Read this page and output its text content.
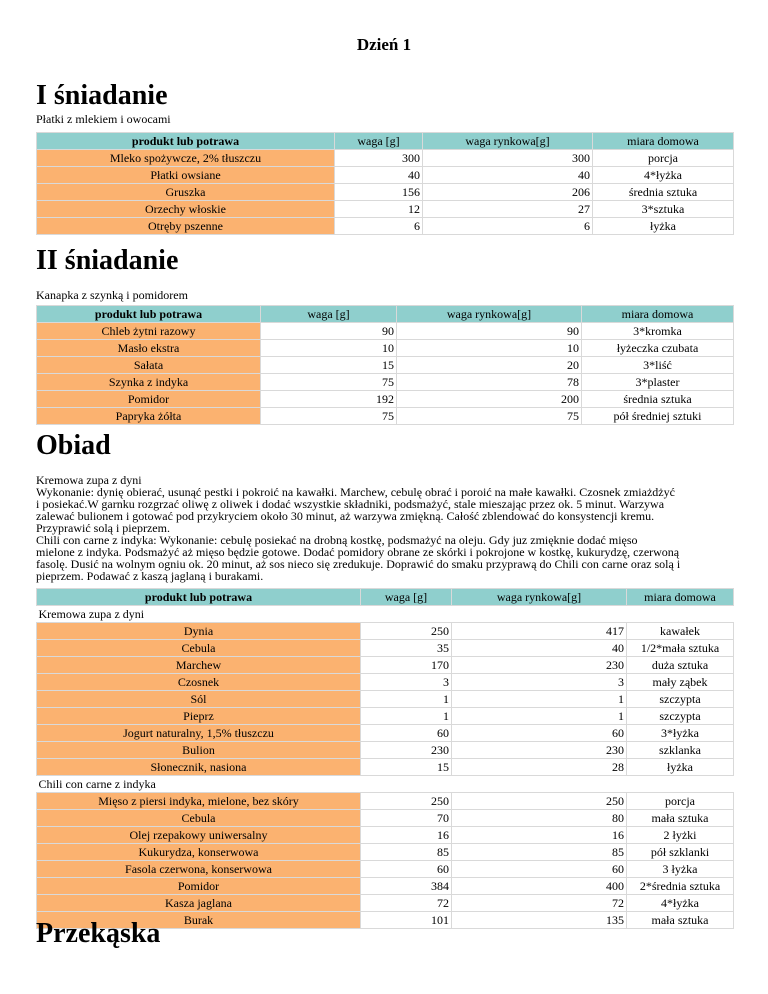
Dzień 1
I śniadanie
Płatki z mlekiem i owocami
produkt lub potrawa	waga [g]	waga rynkowa[g]	miara domowa
Mleko spożywcze, 2% tłuszczu	300	300	porcja
Płatki owsiane	40	40	4*łyżka
Gruszka	156	206	średnia sztuka
Orzechy włoskie	12	27	3*sztuka
Otręby pszenne	6	6	łyżka
II śniadanie
Kanapka z szynką i pomidorem
produkt lub potrawa	waga [g]	waga rynkowa[g]	miara domowa
Chleb żytni razowy	90	90	3*kromka
Masło ekstra	10	10	łyżeczka czubata
Sałata	15	20	3*liść
Szynka z indyka	75	78	3*plaster
Pomidor	192	200	średnia sztuka
Papryka żółta	75	75	pół średniej sztuki
Obiad
Kremowa zupa z dyni
Wykonanie: dynię obierać, usunąć pestki i pokroić na kawałki. Marchew, cebulę obrać i poroić na małe kawałki. Czosnek zmiażdżyć
i posiekać.W garnku rozgrzać oliwę z oliwek i dodać wszystkie składniki, podsmażyć, stale mieszając przez ok. 5 minut. Warzywa
zalewać bulionem i gotować pod przykryciem około 30 minut, aż warzywa zmiękną. Całość zblendować do konsystencji kremu.
Przyprawić solą i pieprzem.
Chili con carne z indyka: Wykonanie: cebulę posiekać na drobną kostkę, podsmażyć na oleju. Gdy juz zmięknie dodać mięso
mielone z indyka. Podsmażyć aż mięso będzie gotowe. Dodać pomidory obrane ze skórki i pokrojone w kostkę, kukurydzę, czerwoną
fasolę. Dusić na wolnym ogniu ok. 20 minut, aż sos nieco się zredukuje. Doprawić do smaku przyprawą do Chili con carne oraz solą i
pieprzem. Podawać z kaszą jaglaną i burakami.
produkt lub potrawa	waga [g]	waga rynkowa[g]	miara domowa
Kremowa zupa z dyni			
Dynia	250	417	kawałek
Cebula	35	40	1/2*mała sztuka
Marchew	170	230	duża sztuka
Czosnek	3	3	mały ząbek
Sól	1	1	szczypta
Pieprz	1	1	szczypta
Jogurt naturalny, 1,5% tłuszczu	60	60	3*łyżka
Bulion	230	230	szklanka
Słonecznik, nasiona	15	28	łyżka
Chili con carne z indyka			
Mięso z piersi indyka, mielone, bez skóry	250	250	porcja
Cebula	70	80	mała sztuka
Olej rzepakowy uniwersalny	16	16	2 łyżki
Kukurydza, konserwowa	85	85	pół szklanki
Fasola czerwona, konserwowa	60	60	3 łyżka
Pomidor	384	400	2*średnia sztuka
Kasza jaglana	72	72	4*łyżka
Burak	101	135	mała sztuka
Przekąska
